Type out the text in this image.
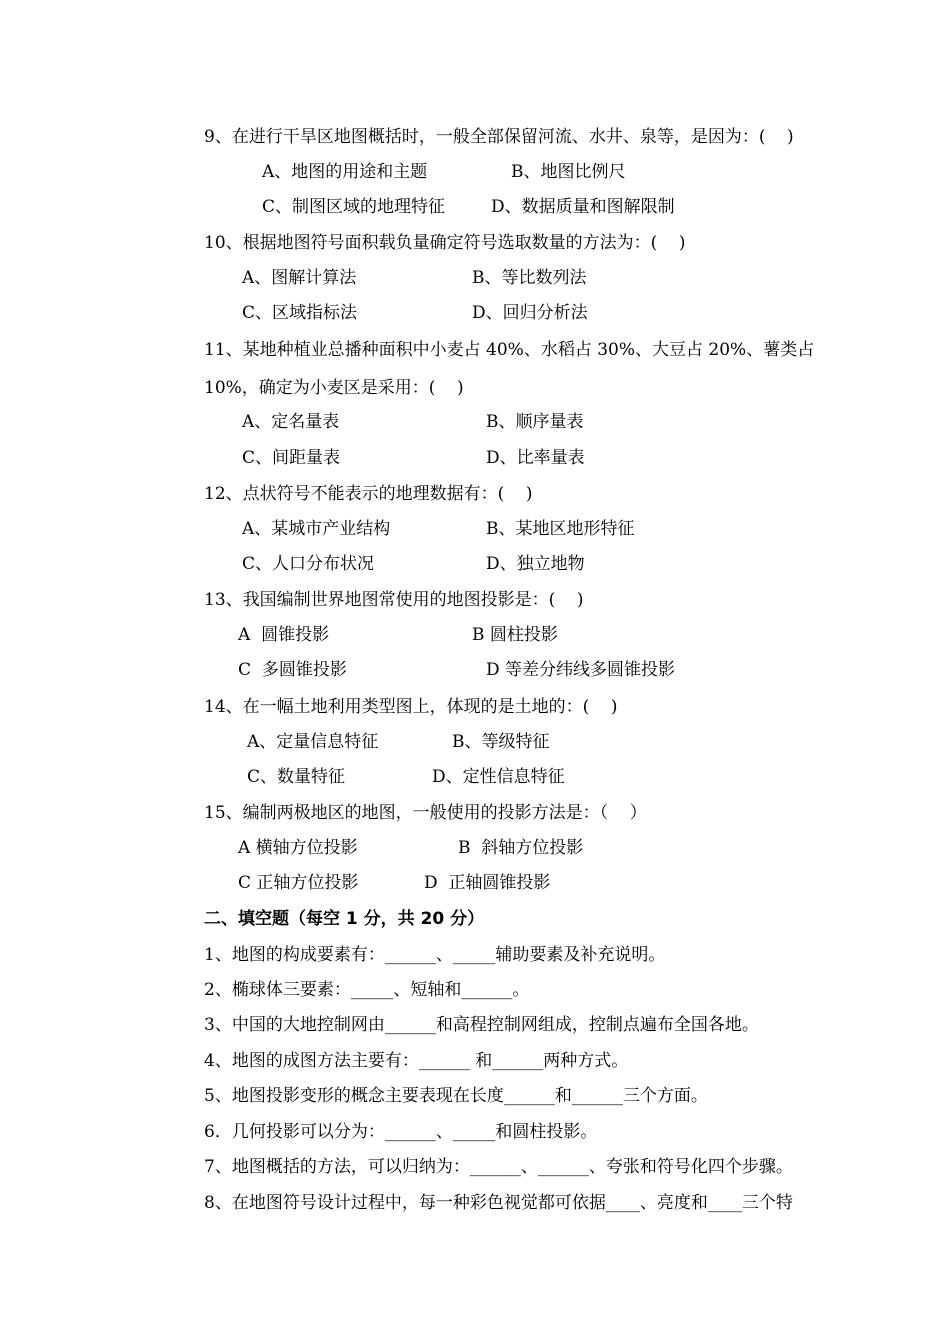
9、在进行干旱区地图概括时，一般全部保留河流、水井、泉等，是因为：(    )
A、地图的用途和主题	B、地图比例尺
C、制图区域的地理特征	D、数据质量和图解限制
10、根据地图符号面积载负量确定符号选取数量的方法为：(    )
A、图解计算法	B、等比数列法
C、区域指标法	D、回归分析法
11、某地种植业总播种面积中小麦占 40%、水稻占 30%、大豆占 20%、薯类占
10%，确定为小麦区是采用：(    )
A、定名量表	B、顺序量表
C、间距量表	D、比率量表
12、点状符号不能表示的地理数据有：(    )
A、某城市产业结构	B、某地区地形特征
C、人口分布状况	D、独立地物
13、我国编制世界地图常使用的地图投影是：(    )
A  圆锥投影	B 圆柱投影
C  多圆锥投影	D 等差分纬线多圆锥投影
14、在一幅土地利用类型图上，体现的是土地的：(    )
A、定量信息特征	B、等级特征
C、数量特征	D、定性信息特征
15、编制两极地区的地图，一般使用的投影方法是：（    ）
A 横轴方位投影	B  斜轴方位投影
C 正轴方位投影	D  正轴圆锥投影
二、填空题（每空 1 分，共 20 分）
1、地图的构成要素有：______、_____辅助要素及补充说明。
2、椭球体三要素：_____、短轴和______。
3、中国的大地控制网由______和高程控制网组成，控制点遍布全国各地。
4、地图的成图方法主要有：______ 和______两种方式。
5、地图投影变形的概念主要表现在长度______和______三个方面。
6．几何投影可以分为：______、_____和圆柱投影。
7、地图概括的方法，可以归纳为：______、______、夸张和符号化四个步骤。
8、在地图符号设计过程中，每一种彩色视觉都可依据____、亮度和____三个特
